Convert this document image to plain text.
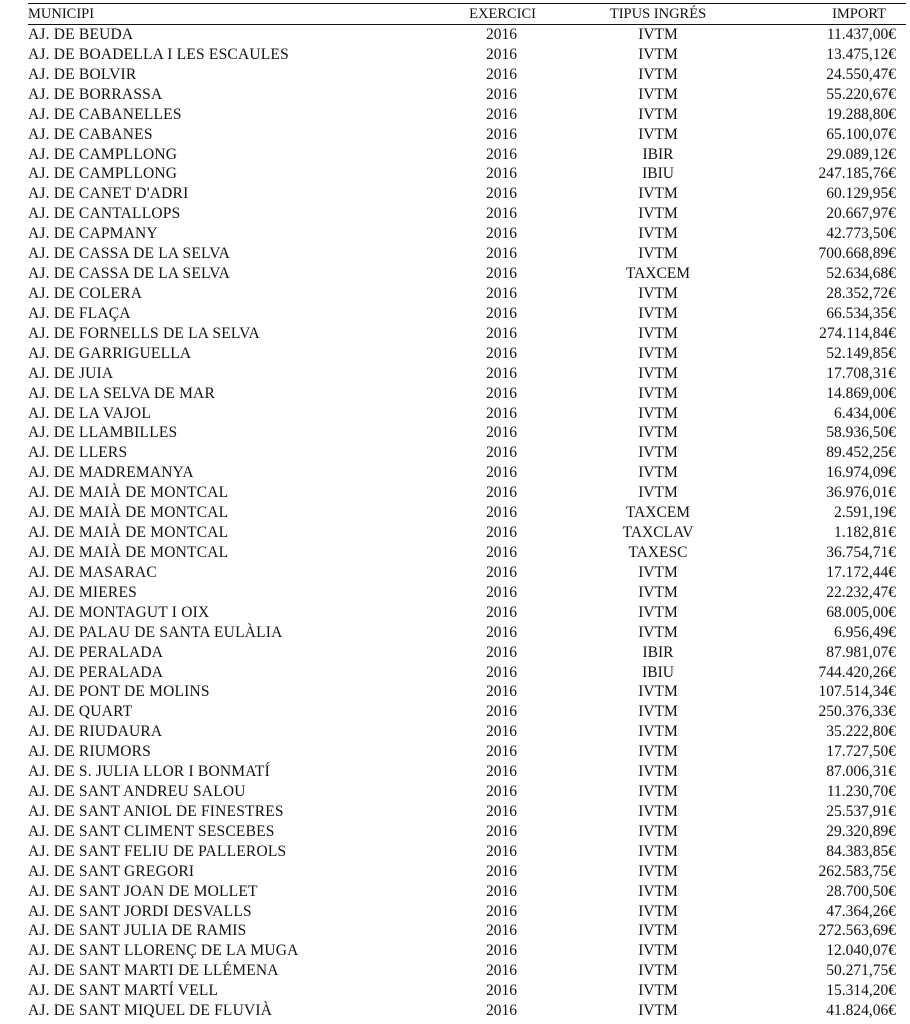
MUNICIPI	EXERCICI	TIPUS INGRÉS	IMPORT
AJ. DE BEUDA	2016	IVTM	11.437,00€
AJ. DE BOADELLA I LES ESCAULES	2016	IVTM	13.475,12€
AJ. DE BOLVIR	2016	IVTM	24.550,47€
AJ. DE BORRASSA	2016	IVTM	55.220,67€
AJ. DE CABANELLES	2016	IVTM	19.288,80€
AJ. DE CABANES	2016	IVTM	65.100,07€
AJ. DE CAMPLLONG	2016	IBIR	29.089,12€
AJ. DE CAMPLLONG	2016	IBIU	247.185,76€
AJ. DE CANET D'ADRI	2016	IVTM	60.129,95€
AJ. DE CANTALLOPS	2016	IVTM	20.667,97€
AJ. DE CAPMANY	2016	IVTM	42.773,50€
AJ. DE CASSA DE LA SELVA	2016	IVTM	700.668,89€
AJ. DE CASSA DE LA SELVA	2016	TAXCEM	52.634,68€
AJ. DE COLERA	2016	IVTM	28.352,72€
AJ. DE FLAÇA	2016	IVTM	66.534,35€
AJ. DE FORNELLS DE LA SELVA	2016	IVTM	274.114,84€
AJ. DE GARRIGUELLA	2016	IVTM	52.149,85€
AJ. DE JUIA	2016	IVTM	17.708,31€
AJ. DE LA SELVA DE MAR	2016	IVTM	14.869,00€
AJ. DE LA VAJOL	2016	IVTM	6.434,00€
AJ. DE LLAMBILLES	2016	IVTM	58.936,50€
AJ. DE LLERS	2016	IVTM	89.452,25€
AJ. DE MADREMANYA	2016	IVTM	16.974,09€
AJ. DE MAIÀ DE MONTCAL	2016	IVTM	36.976,01€
AJ. DE MAIÀ DE MONTCAL	2016	TAXCEM	2.591,19€
AJ. DE MAIÀ DE MONTCAL	2016	TAXCLAV	1.182,81€
AJ. DE MAIÀ DE MONTCAL	2016	TAXESC	36.754,71€
AJ. DE MASARAC	2016	IVTM	17.172,44€
AJ. DE MIERES	2016	IVTM	22.232,47€
AJ. DE MONTAGUT I OIX	2016	IVTM	68.005,00€
AJ. DE PALAU DE SANTA EULÀLIA	2016	IVTM	6.956,49€
AJ. DE PERALADA	2016	IBIR	87.981,07€
AJ. DE PERALADA	2016	IBIU	744.420,26€
AJ. DE PONT DE MOLINS	2016	IVTM	107.514,34€
AJ. DE QUART	2016	IVTM	250.376,33€
AJ. DE RIUDAURA	2016	IVTM	35.222,80€
AJ. DE RIUMORS	2016	IVTM	17.727,50€
AJ. DE S. JULIA LLOR I BONMATÍ	2016	IVTM	87.006,31€
AJ. DE SANT ANDREU SALOU	2016	IVTM	11.230,70€
AJ. DE SANT ANIOL DE FINESTRES	2016	IVTM	25.537,91€
AJ. DE SANT CLIMENT SESCEBES	2016	IVTM	29.320,89€
AJ. DE SANT FELIU DE PALLEROLS	2016	IVTM	84.383,85€
AJ. DE SANT GREGORI	2016	IVTM	262.583,75€
AJ. DE SANT JOAN DE MOLLET	2016	IVTM	28.700,50€
AJ. DE SANT JORDI DESVALLS	2016	IVTM	47.364,26€
AJ. DE SANT JULIA DE RAMIS	2016	IVTM	272.563,69€
AJ. DE SANT LLORENÇ DE LA MUGA	2016	IVTM	12.040,07€
AJ. DE SANT MARTI DE LLÉMENA	2016	IVTM	50.271,75€
AJ. DE SANT MARTÍ VELL	2016	IVTM	15.314,20€
AJ. DE SANT MIQUEL DE FLUVIÀ	2016	IVTM	41.824,06€
